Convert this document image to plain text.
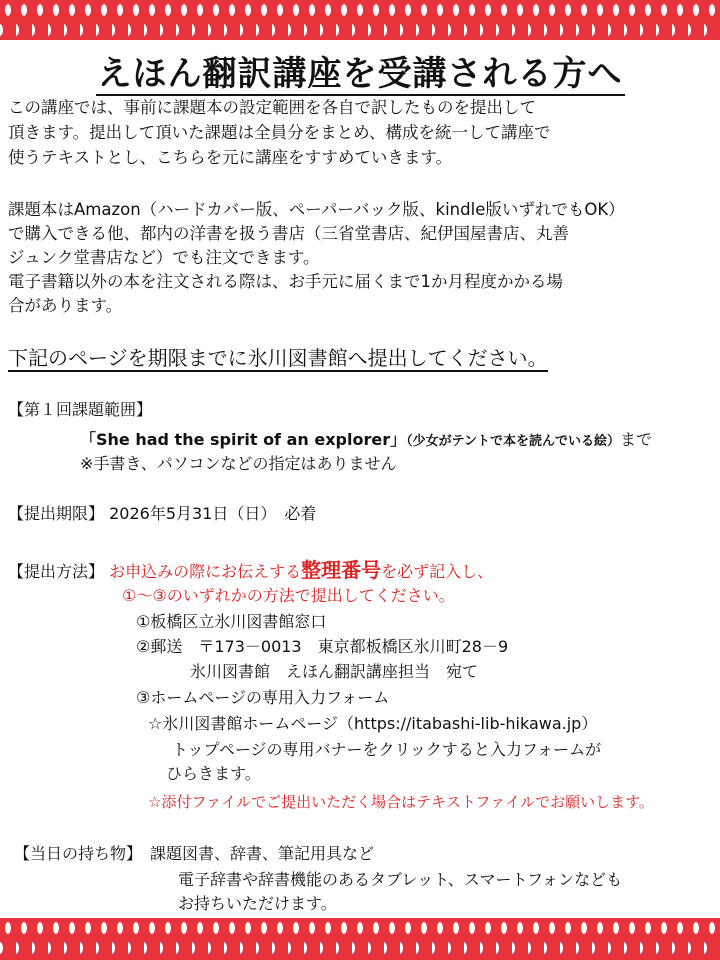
えほん翻訳講座を受講される方へ

この講座では、事前に課題本の設定範囲を各自で訳したものを提出して

頂きます。提出して頂いた課題は全員分をまとめ、構成を統一して講座で

使うテキストとし、こちらを元に講座をすすめていきます。

課題本はAmazon（ハードカバー版、ペーパーバック版、kindle版いずれでもOK）

で購入できる他、都内の洋書を扱う書店（三省堂書店、紀伊国屋書店、丸善

ジュンク堂書店など）でも注文できます。

電子書籍以外の本を注文される際は、お手元に届くまで1か月程度かかる場

合があります。

下記のページを期限までに氷川図書館へ提出してください。

【第１回課題範囲】
「She had the spirit of an explorer」（少女がテントで本を読んでいる絵）まで
※手書き、パソコンなどの指定はありません
【提出期限】 2026年5月31日（日）　 必着
【提出方法】 お申込みの際にお伝えする整理番号を必ず記入し、
①～③のいずれかの方法で提出してください。
①板橋区立氷川図書館窓口
②郵送　〒173－0013　東京都板橋区氷川町28－9
氷川図書館　えほん翻訳講座担当　宛て
③ホームページの専用入力フォーム
☆氷川図書館ホームページ（https://itabashi-lib-hikawa.jp）
トップページの専用バナーをクリックすると入力フォームが
ひらきます。
☆添付ファイルでご提出いただく場合はテキストファイルでお願いします。
【当日の持ち物】　 課題図書、辞書、筆記用具など
電子辞書や辞書機能のあるタブレット、スマートフォンなども
お持ちいただけます。
